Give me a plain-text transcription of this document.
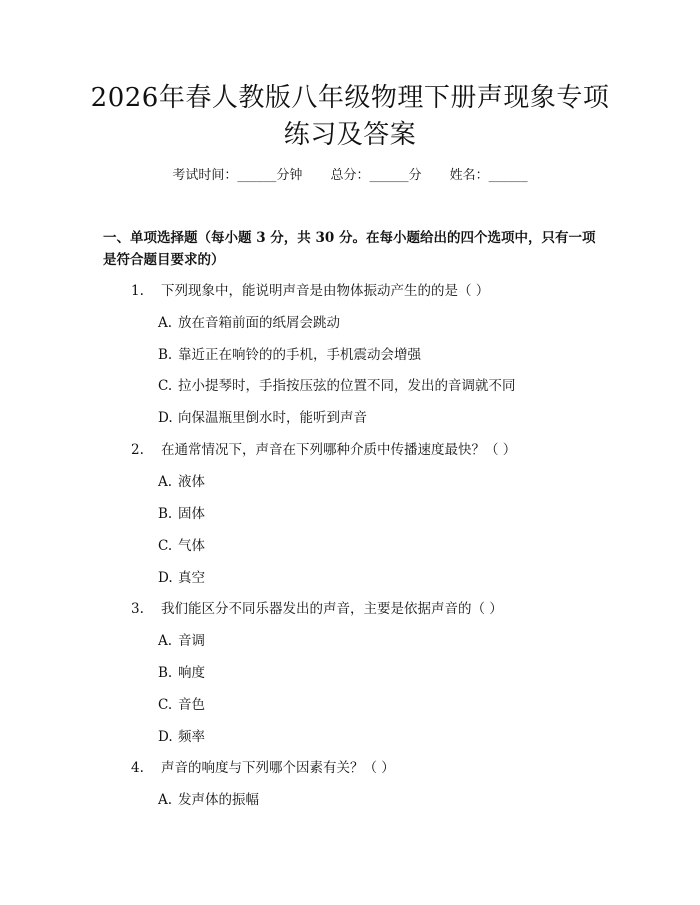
2026年春人教版八年级物理下册声现象专项
练习及答案
考试时间：______分钟 总分：______分 姓名：______
一、单项选择题（每小题 3 分，共 30 分。在每小题给出的四个选项中，只有一项是符合题目要求的）
1.	下列现象中，能说明声音是由物体振动产生的的是（ ）
A. 放在音箱前面的纸屑会跳动
B. 靠近正在响铃的的手机，手机震动会增强
C. 拉小提琴时，手指按压弦的位置不同，发出的音调就不同
D. 向保温瓶里倒水时，能听到声音
2.	在通常情况下，声音在下列哪种介质中传播速度最快？（ ）
A. 液体
B. 固体
C. 气体
D. 真空
3.	我们能区分不同乐器发出的声音，主要是依据声音的（ ）
A. 音调
B. 响度
C. 音色
D. 频率
4.	声音的响度与下列哪个因素有关？（ ）
A. 发声体的振幅
